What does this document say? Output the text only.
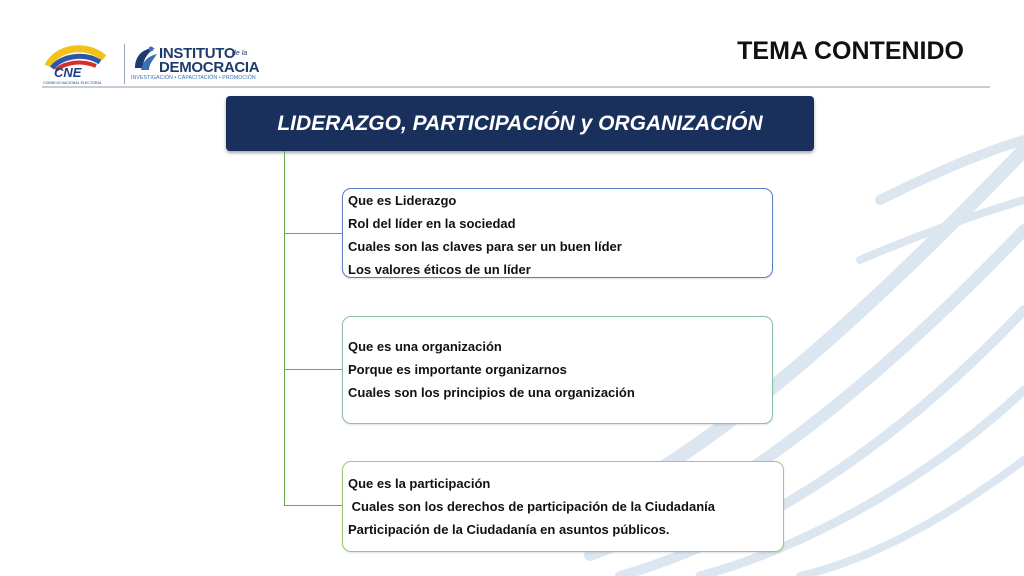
CNE
CONSEJO NACIONAL ELECTORAL
INSTITUTO
de la
DEMOCRACIA
INVESTIGACIÓN • CAPACITACIÓN • PROMOCIÓN
TEMA CONTENIDO
LIDERAZGO, PARTICIPACIÓN y ORGANIZACIÓN
Que es Liderazgo
Rol del líder en la sociedad
Cuales son las claves para ser un buen líder
Los valores éticos de un líder
Que es una organización
Porque es importante organizarnos
Cuales son los principios de una organización
Que es la participación
Cuales son los derechos de participación de la Ciudadanía
Participación de la Ciudadanía en asuntos públicos.
